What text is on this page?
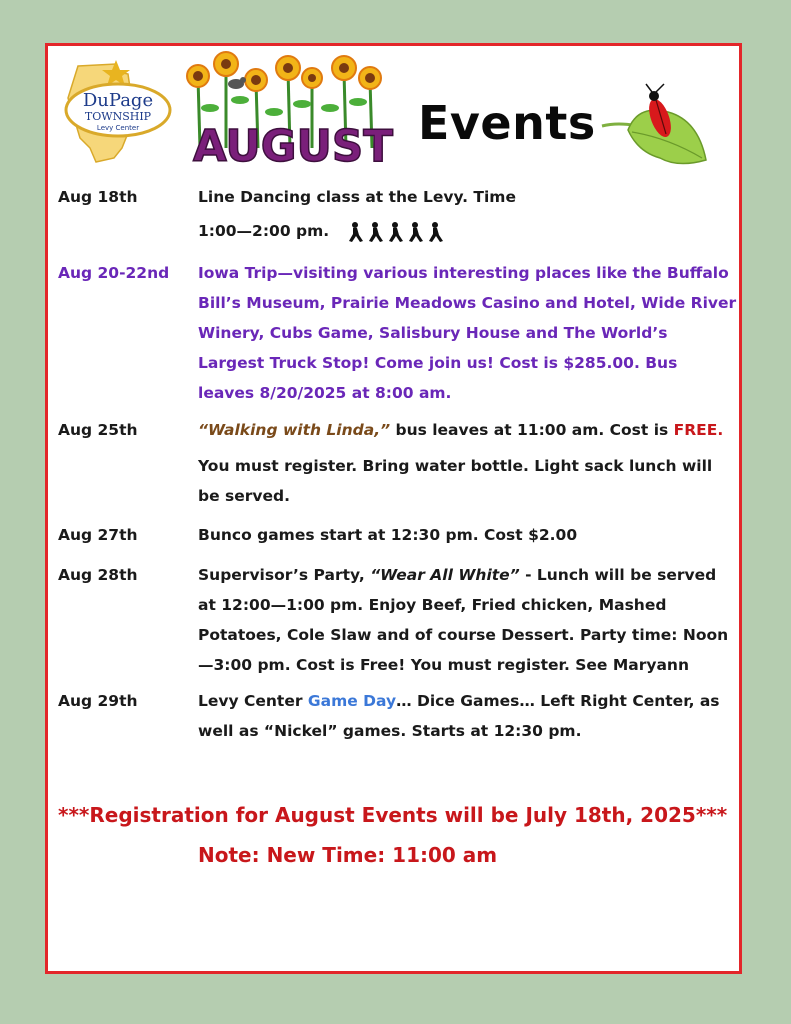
DuPage
TOWNSHIP
Levy Center AUGUST Events
Aug 18th	Line Dancing class at the Levy. Time
1:00—2:00 pm.
Aug 20-22nd Iowa Trip—visiting various interesting places like the Buffalo Bill’s Museum, Prairie Meadows Casino and Hotel, Wide River Winery, Cubs Game, Salisbury House and The World’s Largest Truck Stop! Come join us! Cost is $285.00. Bus leaves 8/20/2025 at 8:00 am.
Aug 25th	“Walking with Linda,” bus leaves at 11:00 am. Cost is FREE.
You must register. Bring water bottle. Light sack lunch will be served.
Aug 27th	Bunco games start at 12:30 pm. Cost $2.00
Aug 28th	Supervisor’s Party, “Wear All White” - Lunch will be served at 12:00—1:00 pm. Enjoy Beef, Fried chicken, Mashed Potatoes, Cole Slaw and of course Dessert. Party time: Noon—3:00 pm. Cost is Free! You must register. See Maryann
Aug 29th	Levy Center Game Day… Dice Games… Left Right Center, as well as “Nickel” games. Starts at 12:30 pm.
***Registration for August Events will be July 18th, 2025***
Note: New Time: 11:00 am
